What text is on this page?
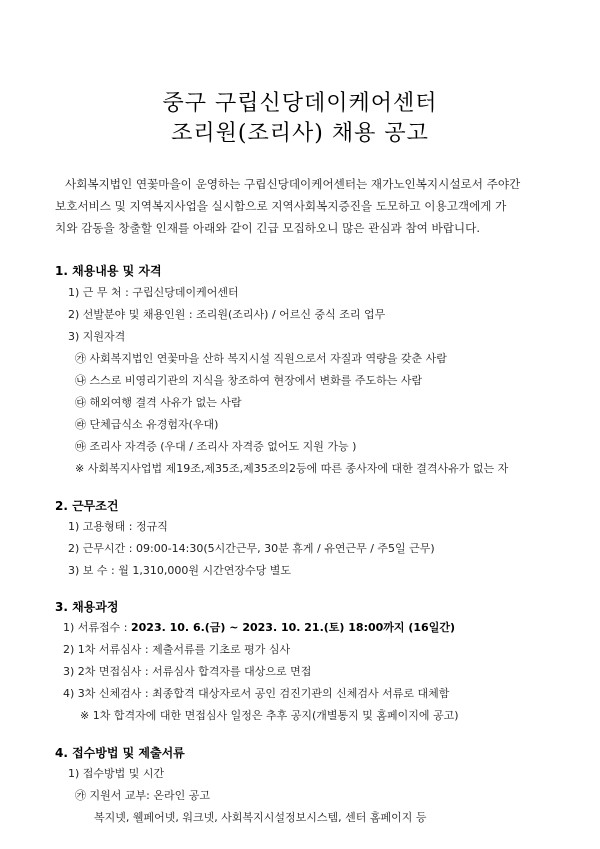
중구 구립신당데이케어센터
조리원(조리사) 채용 공고
사회복지법인 연꽃마을이 운영하는 구립신당데이케어센터는 재가노인복지시설로서 주야간
보호서비스 및 지역복지사업을 실시함으로 지역사회복지증진을 도모하고 이용고객에게 가
치와 감동을 창출할 인재를 아래와 같이 긴급 모집하오니 많은 관심과 참여 바랍니다.
1. 채용내용 및 자격
1) 근 무 처 : 구립신당데이케어센터
2) 선발분야 및 채용인원 : 조리원(조리사) / 어르신 중식 조리 업무
3) 지원자격
㉮ 사회복지법인 연꽃마을 산하 복지시설 직원으로서 자질과 역량을 갖춘 사람
㉯ 스스로 비영리기관의 지식을 창조하여 현장에서 변화를 주도하는 사람
㉰ 해외여행 결격 사유가 없는 사람
㉱ 단체급식소 유경험자(우대)
㉲ 조리사 자격증 (우대 / 조리사 자격증 없어도 지원 가능 )
※ 사회복지사업법 제19조,제35조,제35조의2등에 따른 종사자에 대한 결격사유가 없는 자
2. 근무조건
1) 고용형태 : 정규직
2) 근무시간 : 09:00-14:30(5시간근무, 30분 휴게 / 유연근무 / 주5일 근무)
3) 보 수 : 월 1,310,000원 시간연장수당 별도
3. 채용과정
1) 서류접수 : 2023. 10. 6.(금) ~ 2023. 10. 21.(토) 18:00까지 (16일간)
2) 1차 서류심사 : 제출서류를 기초로 평가 심사
3) 2차 면접심사 : 서류심사 합격자를 대상으로 면접
4) 3차 신체검사 : 최종합격 대상자로서 공인 검진기관의 신체검사 서류로 대체함
※ 1차 합격자에 대한 면접심사 일정은 추후 공지(개별통지 및 홈페이지에 공고)
4. 접수방법 및 제출서류
1) 접수방법 및 시간
㉮ 지원서 교부: 온라인 공고
복지넷, 웰페어넷, 워크넷, 사회복지시설정보시스템, 센터 홈페이지 등
